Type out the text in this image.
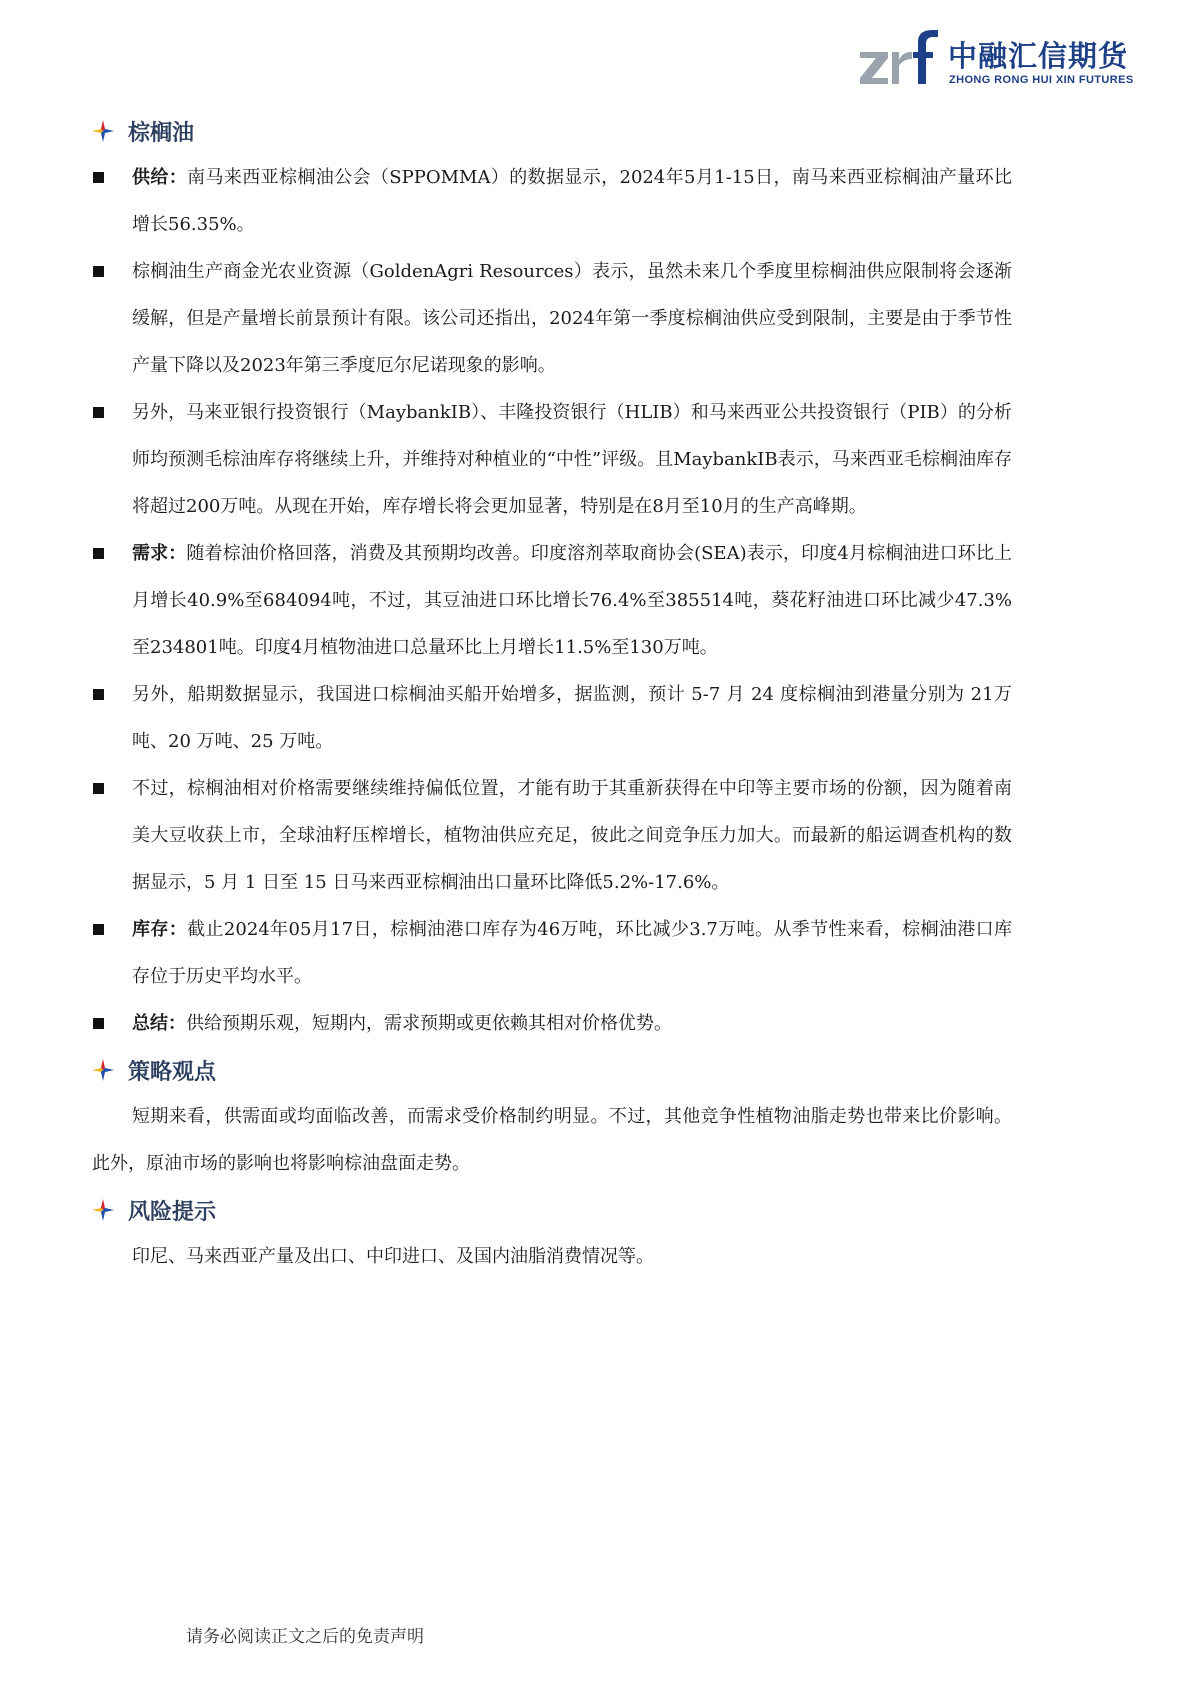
中融汇信期货
ZHONG RONG HUI XIN FUTURES
棕榈油
供给：南马来西亚棕榈油公会（SPPOMMA）的数据显示，2024年5月1-15日，南马来西亚棕榈油产量环比增长56.35%。
棕榈油生产商金光农业资源（GoldenAgri Resources）表示，虽然未来几个季度里棕榈油供应限制将会逐渐缓解，但是产量增长前景预计有限。该公司还指出，2024年第一季度棕榈油供应受到限制，主要是由于季节性产量下降以及2023年第三季度厄尔尼诺现象的影响。
另外，马来亚银行投资银行（MaybankIB）、丰隆投资银行（HLIB）和马来西亚公共投资银行（PIB）的分析师均预测毛棕油库存将继续上升，并维持对种植业的“中性”评级。且MaybankIB表示，马来西亚毛棕榈油库存将超过200万吨。从现在开始，库存增长将会更加显著，特别是在8月至10月的生产高峰期。
需求：随着棕油价格回落，消费及其预期均改善。印度溶剂萃取商协会(SEA)表示，印度4月棕榈油进口环比上月增长40.9%至684094吨，不过，其豆油进口环比增长76.4%至385514吨，葵花籽油进口环比减少47.3%至234801吨。印度4月植物油进口总量环比上月增长11.5%至130万吨。
另外，船期数据显示，我国进口棕榈油买船开始增多，据监测，预计 5-7 月 24 度棕榈油到港量分别为 21万吨、20 万吨、25 万吨。
不过，棕榈油相对价格需要继续维持偏低位置，才能有助于其重新获得在中印等主要市场的份额，因为随着南美大豆收获上市，全球油籽压榨增长，植物油供应充足，彼此之间竞争压力加大。而最新的船运调查机构的数据显示，5 月 1 日至 15 日马来西亚棕榈油出口量环比降低5.2%-17.6%。
库存：截止2024年05月17日，棕榈油港口库存为46万吨，环比减少3.7万吨。从季节性来看，棕榈油港口库存位于历史平均水平。
总结：供给预期乐观，短期内，需求预期或更依赖其相对价格优势。
策略观点

短期来看，供需面或均面临改善，而需求受价格制约明显。不过，其他竞争性植物油脂走势也带来比价影响。此外，原油市场的影响也将影响棕油盘面走势。

风险提示

印尼、马来西亚产量及出口、中印进口、及国内油脂消费情况等。

请务必阅读正文之后的免责声明
